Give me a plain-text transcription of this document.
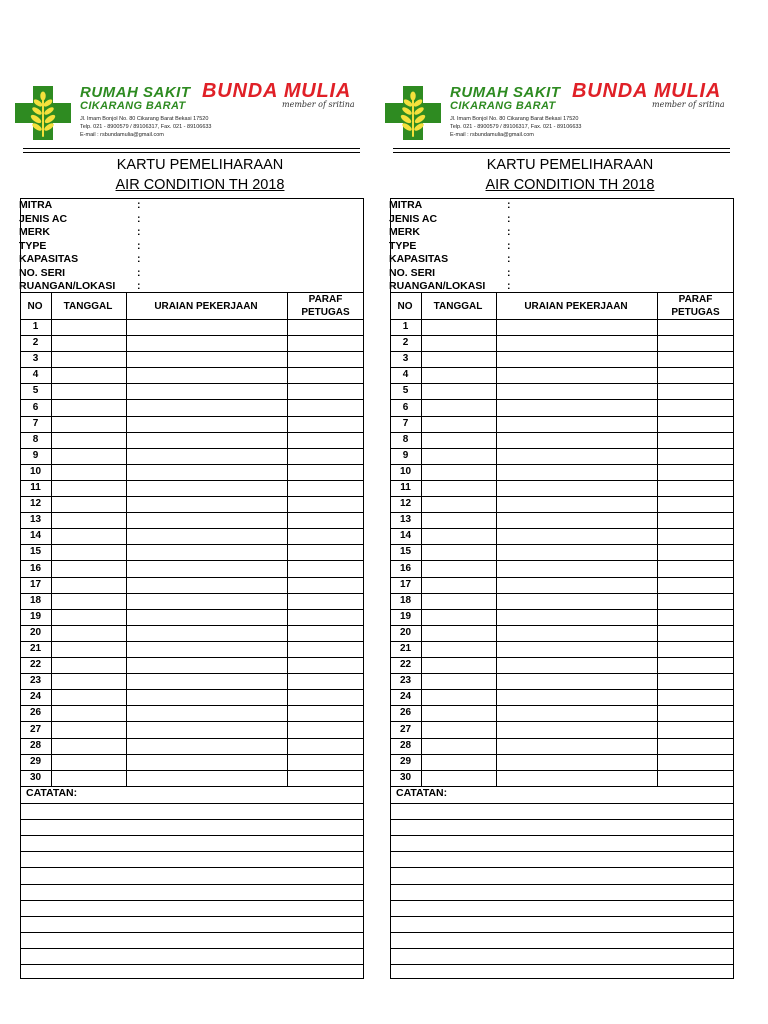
RUMAH SAKIT
CIKARANG BARAT
BUNDA MULIA
member of sritina
Jl. Imam Bonjol No. 80 Cikarang Barat Bekasi 17520
Telp. 021 - 8900579 / 89106317, Fax. 021 - 89106633
E-mail : rsbundamulia@gmail.com
KARTU PEMELIHARAAN
AIR CONDITION TH 2018
MITRA	:
JENIS AC	:
MERK	:
TYPE	:
KAPASITAS	:
NO. SERI	:
RUANGAN/LOKASI :
NO	TANGGAL	URAIAN PEKERJAAN
PARAF
PETUGAS
1
2
3
4
5
6
7
8
9
10
11
12
13
14
15
16
17
18
19
20
21
22
23
24
26
27
28
29
30
CATATAN:
RUMAH SAKIT
CIKARANG BARAT
BUNDA MULIA
member of sritina
Jl. Imam Bonjol No. 80 Cikarang Barat Bekasi 17520
Telp. 021 - 8900579 / 89106317, Fax. 021 - 89106633
E-mail : rsbundamulia@gmail.com
KARTU PEMELIHARAAN
AIR CONDITION TH 2018
MITRA	:
JENIS AC	:
MERK	:
TYPE	:
KAPASITAS	:
NO. SERI	:
RUANGAN/LOKASI :
NO	TANGGAL	URAIAN PEKERJAAN
PARAF
PETUGAS
1
2
3
4
5
6
7
8
9
10
11
12
13
14
15
16
17
18
19
20
21
22
23
24
26
27
28
29
30
CATATAN:
